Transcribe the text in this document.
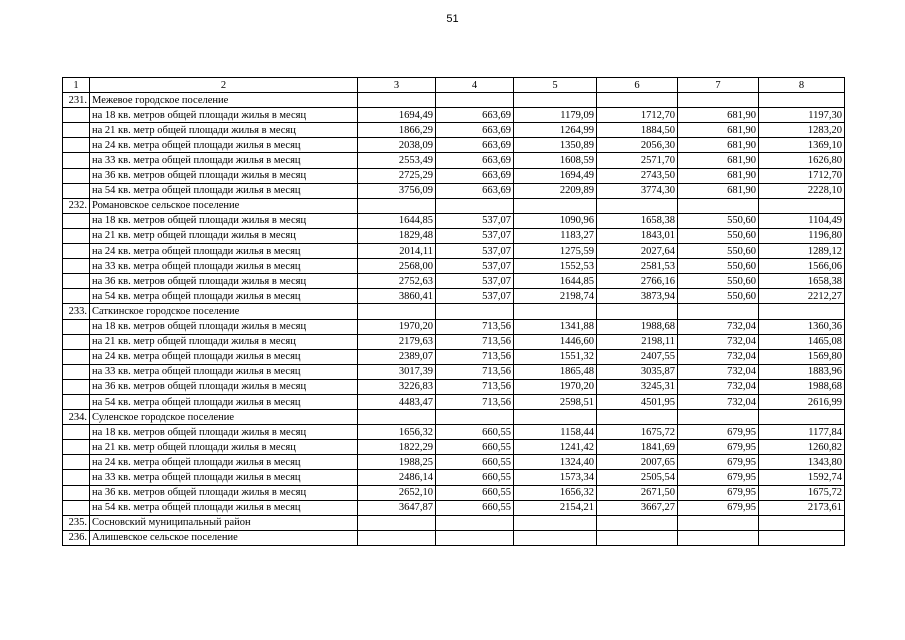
51
1	2	3	4	5	6	7	8
231.	Межевое городское поселение						
	на 18 кв. метров общей площади жилья в месяц	1694,49	663,69	1179,09	1712,70	681,90	1197,30
	на 21 кв. метр общей площади жилья в месяц	1866,29	663,69	1264,99	1884,50	681,90	1283,20
	на 24 кв. метра общей площади жилья в месяц	2038,09	663,69	1350,89	2056,30	681,90	1369,10
	на 33 кв. метра общей площади жилья в месяц	2553,49	663,69	1608,59	2571,70	681,90	1626,80
	на 36 кв. метров общей площади жилья в месяц	2725,29	663,69	1694,49	2743,50	681,90	1712,70
	на 54 кв. метра общей площади жилья в месяц	3756,09	663,69	2209,89	3774,30	681,90	2228,10
232.	Романовское сельское поселение						
	на 18 кв. метров общей площади жилья в месяц	1644,85	537,07	1090,96	1658,38	550,60	1104,49
	на 21 кв. метр общей площади жилья в месяц	1829,48	537,07	1183,27	1843,01	550,60	1196,80
	на 24 кв. метра общей площади жилья в месяц	2014,11	537,07	1275,59	2027,64	550,60	1289,12
	на 33 кв. метра общей площади жилья в месяц	2568,00	537,07	1552,53	2581,53	550,60	1566,06
	на 36 кв. метров общей площади жилья в месяц	2752,63	537,07	1644,85	2766,16	550,60	1658,38
	на 54 кв. метра общей площади жилья в месяц	3860,41	537,07	2198,74	3873,94	550,60	2212,27
233.	Саткинское городское поселение						
	на 18 кв. метров общей площади жилья в месяц	1970,20	713,56	1341,88	1988,68	732,04	1360,36
	на 21 кв. метр общей площади жилья в месяц	2179,63	713,56	1446,60	2198,11	732,04	1465,08
	на 24 кв. метра общей площади жилья в месяц	2389,07	713,56	1551,32	2407,55	732,04	1569,80
	на 33 кв. метра общей площади жилья в месяц	3017,39	713,56	1865,48	3035,87	732,04	1883,96
	на 36 кв. метров общей площади жилья в месяц	3226,83	713,56	1970,20	3245,31	732,04	1988,68
	на 54 кв. метра общей площади жилья в месяц	4483,47	713,56	2598,51	4501,95	732,04	2616,99
234.	Суленское городское поселение						
	на 18 кв. метров общей площади жилья в месяц	1656,32	660,55	1158,44	1675,72	679,95	1177,84
	на 21 кв. метр общей площади жилья в месяц	1822,29	660,55	1241,42	1841,69	679,95	1260,82
	на 24 кв. метра общей площади жилья в месяц	1988,25	660,55	1324,40	2007,65	679,95	1343,80
	на 33 кв. метра общей площади жилья в месяц	2486,14	660,55	1573,34	2505,54	679,95	1592,74
	на 36 кв. метров общей площади жилья в месяц	2652,10	660,55	1656,32	2671,50	679,95	1675,72
	на 54 кв. метра общей площади жилья в месяц	3647,87	660,55	2154,21	3667,27	679,95	2173,61
235.	Сосновский муниципальный район						
236.	Алишевское сельское поселение						
